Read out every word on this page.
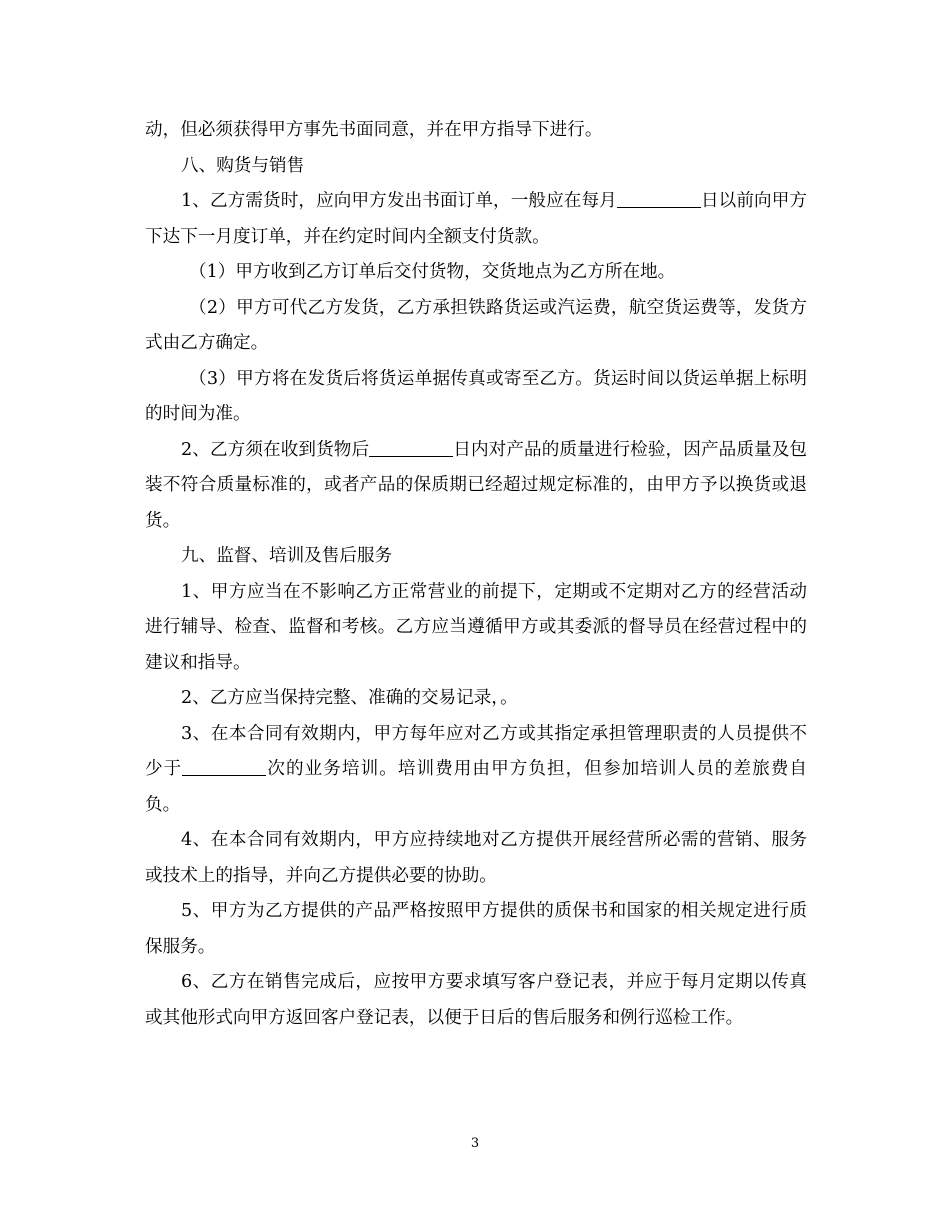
动，但必须获得甲方事先书面同意，并在甲方指导下进行。

八、购货与销售

1、乙方需货时，应向甲方发出书面订单，一般应在每月	日以前向甲方下达下一月度订单，并在约定时间内全额支付货款。

（1）甲方收到乙方订单后交付货物，交货地点为乙方所在地。

（2）甲方可代乙方发货，乙方承担铁路货运或汽运费，航空货运费等，发货方式由乙方确定。

（3）甲方将在发货后将货运单据传真或寄至乙方。货运时间以货运单据上标明的时间为准。

2、乙方须在收到货物后	日内对产品的质量进行检验，因产品质量及包装不符合质量标准的，或者产品的保质期已经超过规定标准的，由甲方予以换货或退货。

九、监督、培训及售后服务

1、甲方应当在不影响乙方正常营业的前提下，定期或不定期对乙方的经营活动进行辅导、检查、监督和考核。乙方应当遵循甲方或其委派的督导员在经营过程中的建议和指导。

2、乙方应当保持完整、准确的交易记录，。

3、在本合同有效期内，甲方每年应对乙方或其指定承担管理职责的人员提供不少于	次的业务培训。培训费用由甲方负担，但参加培训人员的差旅费自负。

4、在本合同有效期内，甲方应持续地对乙方提供开展经营所必需的营销、服务或技术上的指导，并向乙方提供必要的协助。

5、甲方为乙方提供的产品严格按照甲方提供的质保书和国家的相关规定进行质保服务。

6、乙方在销售完成后，应按甲方要求填写客户登记表，并应于每月定期以传真或其他形式向甲方返回客户登记表，以便于日后的售后服务和例行巡检工作。

3
